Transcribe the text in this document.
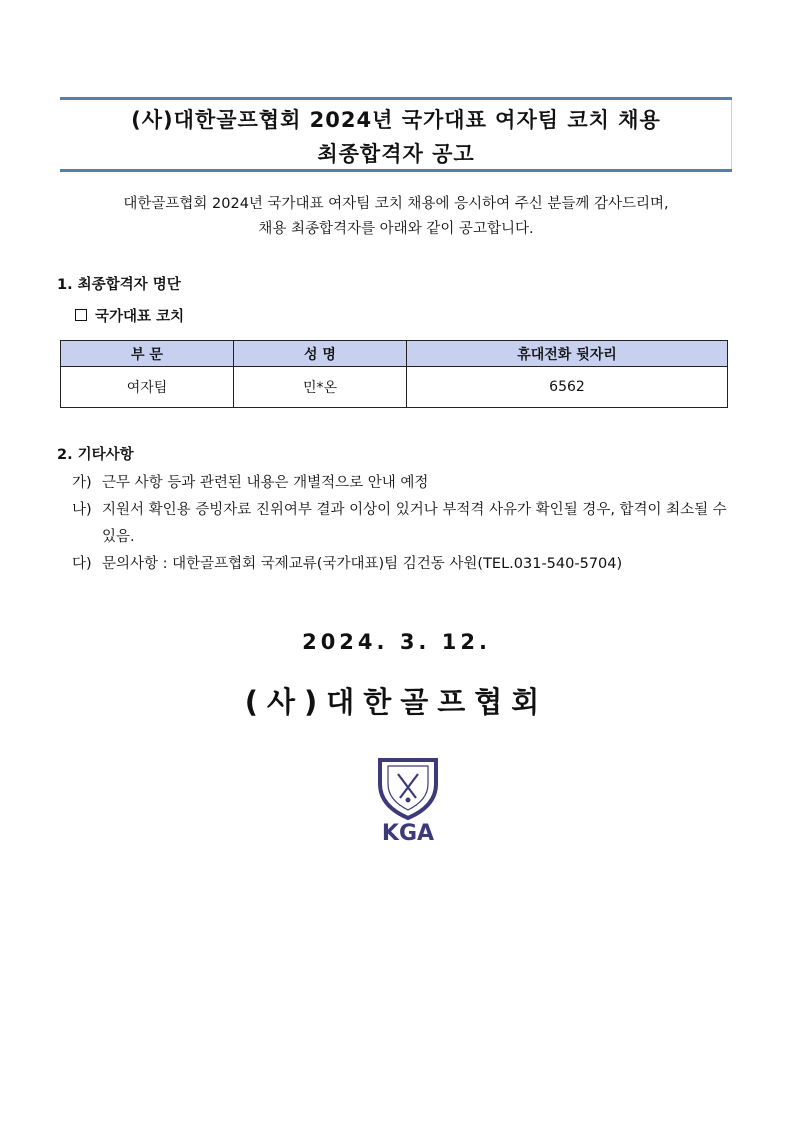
(사)대한골프협회 2024년 국가대표 여자팀 코치 채용
최종합격자 공고
대한골프협회 2024년 국가대표 여자팀 코치 채용에 응시하여 주신 분들께 감사드리며,
채용 최종합격자를 아래와 같이 공고합니다.
1. 최종합격자 명단
국가대표 코치
부 문	성 명	휴대전화 뒷자리
여자팀	민*온	6562
2. 기타사항
가) 근무 사항 등과 관련된 내용은 개별적으로 안내 예정
나) 지원서 확인용 증빙자료 진위여부 결과 이상이 있거나 부적격 사유가 확인될 경우, 합격이 최소될 수 있음.
다) 문의사항 : 대한골프협회 국제교류(국가대표)팀 김건동 사원(TEL.031-540-5704)
2024. 3. 12.
(사)대한골프협회
KGA
